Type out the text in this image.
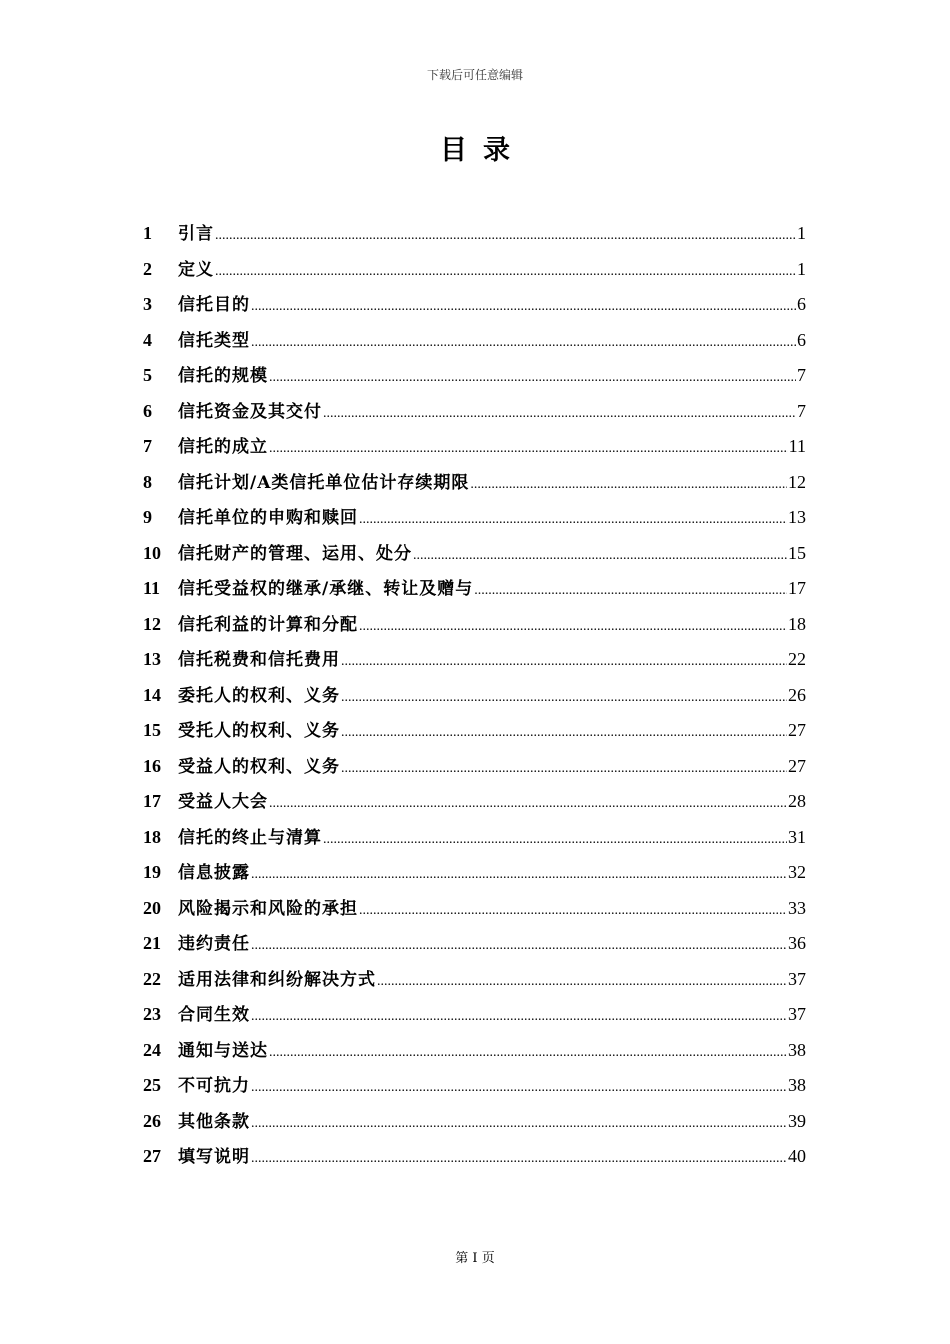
下载后可任意编辑
目录
1	引言 .....	1
2	定义 .....	1
3	信托目的 .....	6
4	信托类型 .....	6
5	信托的规模 .....	7
6	信托资金及其交付 .....	7
7	信托的成立 .....	11
8	信托计划/A类信托单位估计存续期限 .....	12
9	信托单位的申购和赎回 .....	13
10	信托财产的管理、运用、处分 .....	15
11	信托受益权的继承/承继、转让及赠与 .....	17
12	信托利益的计算和分配 .....	18
13	信托税费和信托费用 .....	22
14	委托人的权利、义务 .....	26
15	受托人的权利、义务 .....	27
16	受益人的权利、义务 .....	27
17	受益人大会 .....	28
18	信托的终止与清算 .....	31
19	信息披露 .....	32
20	风险揭示和风险的承担 .....	33
21	违约责任 .....	36
22	适用法律和纠纷解决方式 .....	37
23	合同生效 .....	37
24	通知与送达 .....	38
25	不可抗力 .....	38
26	其他条款 .....	39
27	填写说明 .....	40
第 I 页
